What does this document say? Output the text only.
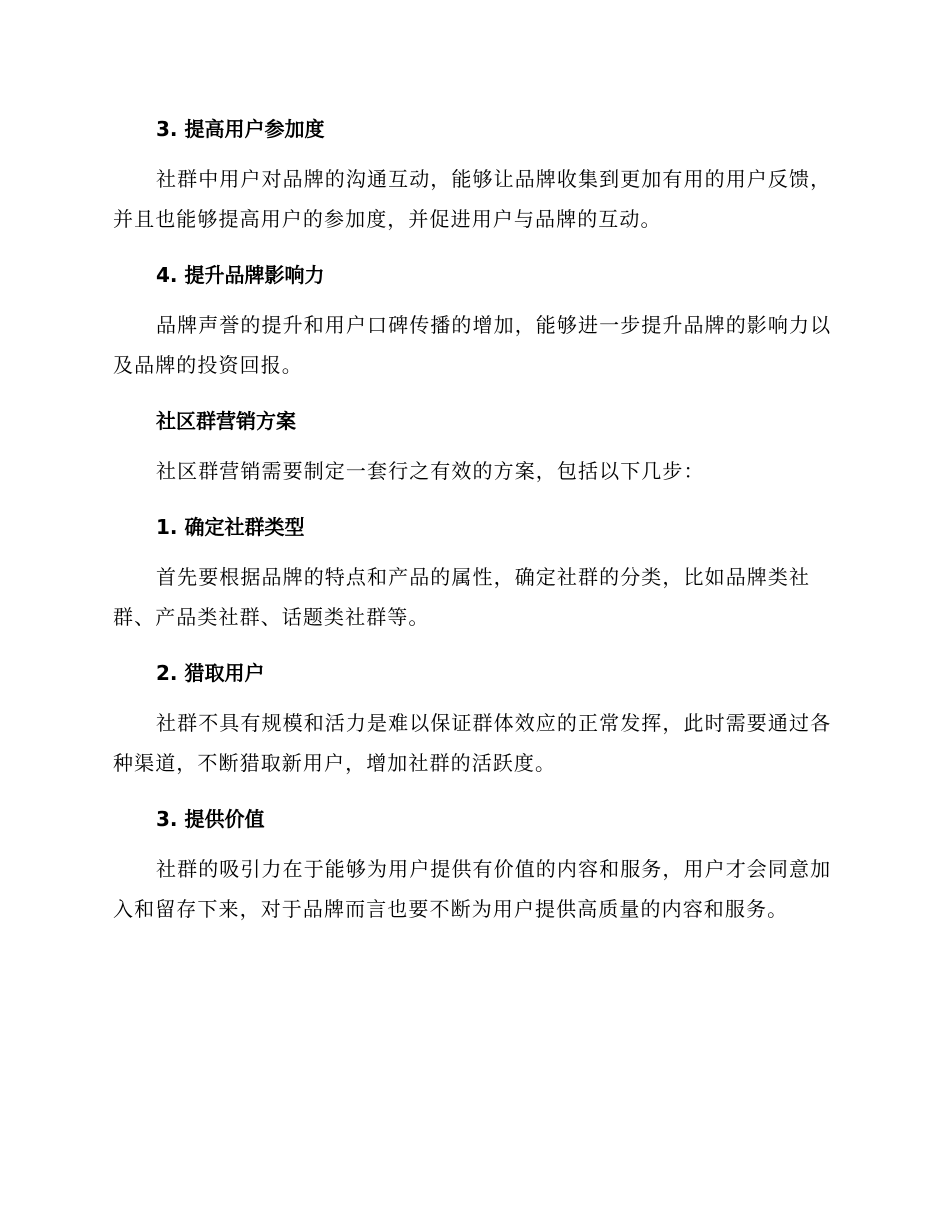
3. 提高用户参加度

社群中用户对品牌的沟通互动，能够让品牌收集到更加有用的用户反馈，并且也能够提高用户的参加度，并促进用户与品牌的互动。

4. 提升品牌影响力

品牌声誉的提升和用户口碑传播的增加，能够进一步提升品牌的影响力以及品牌的投资回报。

社区群营销方案

社区群营销需要制定一套行之有效的方案，包括以下几步：

1. 确定社群类型

首先要根据品牌的特点和产品的属性，确定社群的分类，比如品牌类社群、产品类社群、话题类社群等。

2. 猎取用户

社群不具有规模和活力是难以保证群体效应的正常发挥，此时需要通过各种渠道，不断猎取新用户，增加社群的活跃度。

3. 提供价值

社群的吸引力在于能够为用户提供有价值的内容和服务，用户才会同意加入和留存下来，对于品牌而言也要不断为用户提供高质量的内容和服务。
